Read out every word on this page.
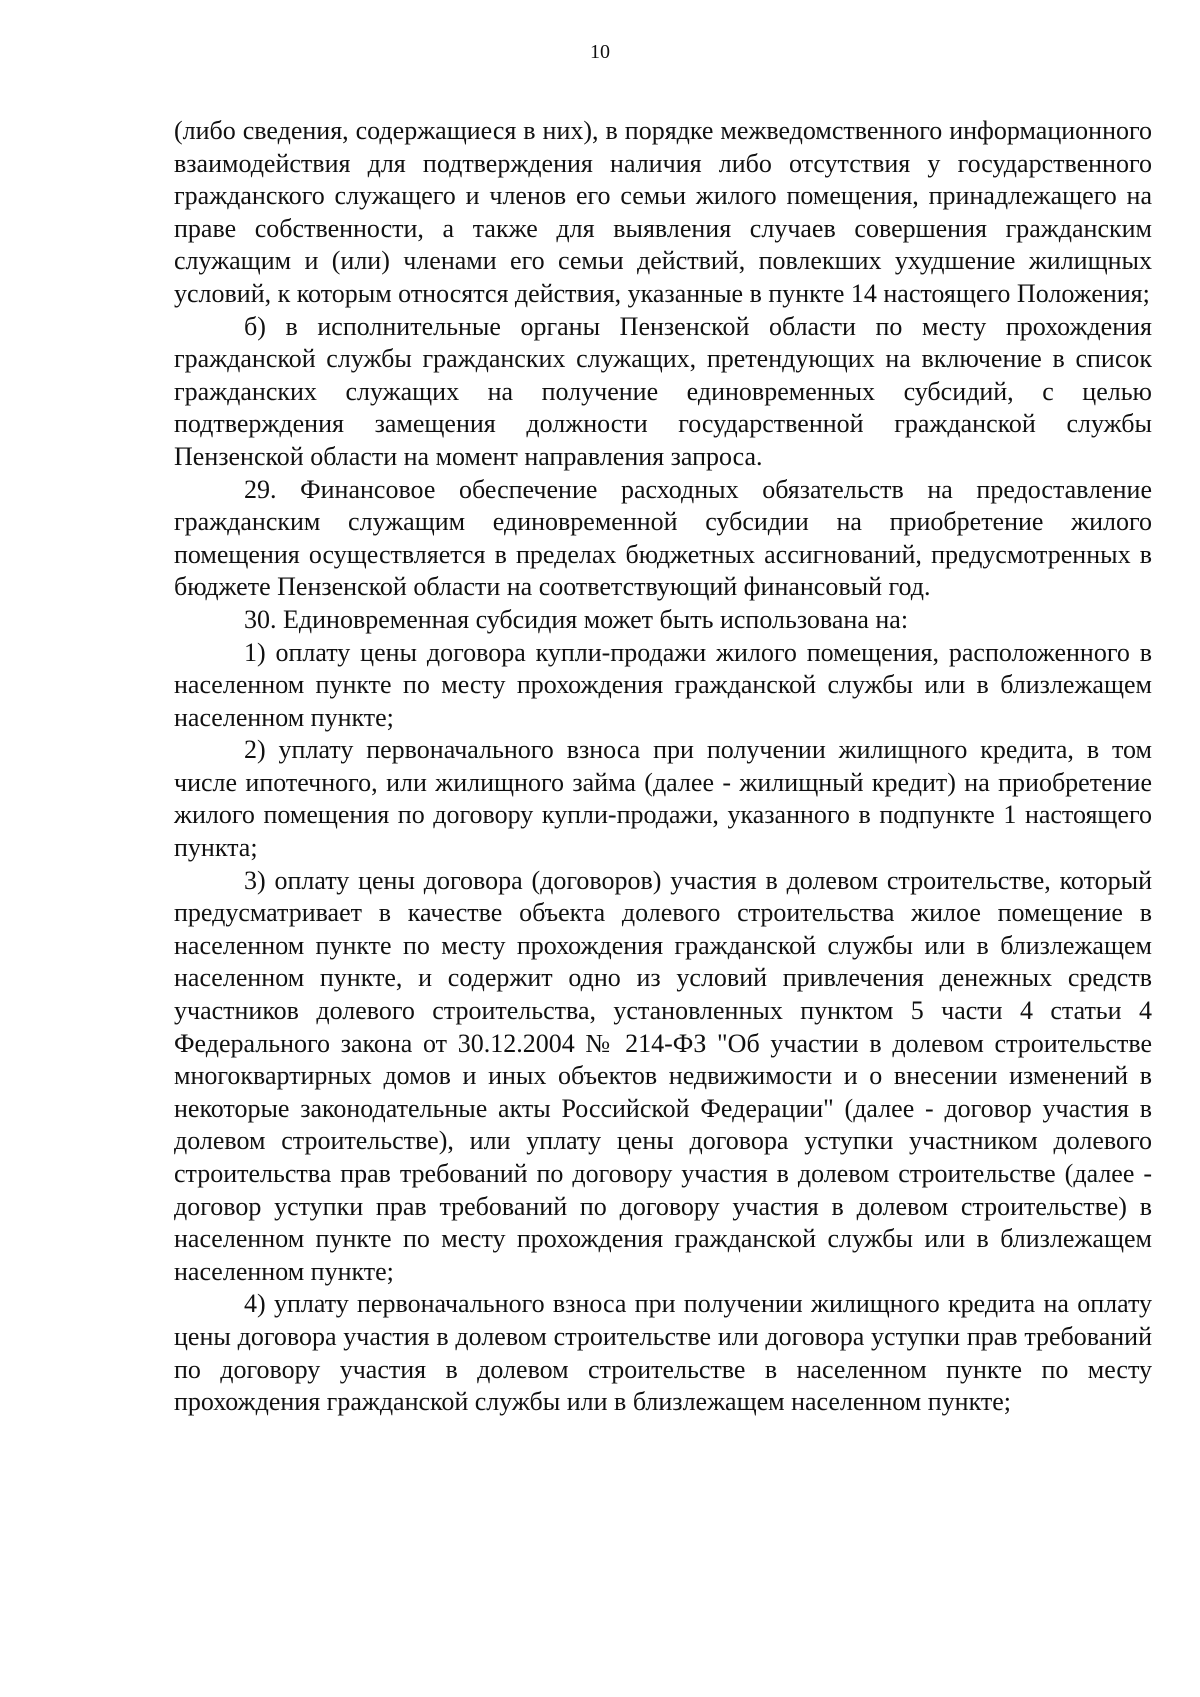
10

(либо сведения, содержащиеся в них), в порядке межведомственного информационного взаимодействия для подтверждения наличия либо отсутствия у государственного гражданского служащего и членов его семьи жилого помещения, принадлежащего на праве собственности, а также для выявления случаев совершения гражданским служащим и (или) членами его семьи действий, повлекших ухудшение жилищных условий, к которым относятся действия, указанные в пункте 14 настоящего Положения;

б) в исполнительные органы Пензенской области по месту прохождения гражданской службы гражданских служащих, претендующих на включение в список гражданских служащих на получение единовременных субсидий, с целью подтверждения замещения должности государственной гражданской службы Пензенской области на момент направления запроса.

29. Финансовое обеспечение расходных обязательств на предоставление гражданским служащим единовременной субсидии на приобретение жилого помещения осуществляется в пределах бюджетных ассигнований, предусмотренных в бюджете Пензенской области на соответствующий финансовый год.

30. Единовременная субсидия может быть использована на:

1) оплату цены договора купли-продажи жилого помещения, расположенного в населенном пункте по месту прохождения гражданской службы или в близлежащем населенном пункте;

2) уплату первоначального взноса при получении жилищного кредита, в том числе ипотечного, или жилищного займа (далее - жилищный кредит) на приобретение жилого помещения по договору купли-продажи, указанного в подпункте 1 настоящего пункта;

3) оплату цены договора (договоров) участия в долевом строительстве, который предусматривает в качестве объекта долевого строительства жилое помещение в населенном пункте по месту прохождения гражданской службы или в близлежащем населенном пункте, и содержит одно из условий привлечения денежных средств участников долевого строительства, установленных пунктом 5 части 4 статьи 4 Федерального закона от 30.12.2004 № 214-ФЗ "Об участии в долевом строительстве многоквартирных домов и иных объектов недвижимости и о внесении изменений в некоторые законодательные акты Российской Федерации" (далее - договор участия в долевом строительстве), или уплату цены договора уступки участником долевого строительства прав требований по договору участия в долевом строительстве (далее - договор уступки прав требований по договору участия в долевом строительстве) в населенном пункте по месту прохождения гражданской службы или в близлежащем населенном пункте;

4) уплату первоначального взноса при получении жилищного кредита на оплату цены договора участия в долевом строительстве или договора уступки прав требований по договору участия в долевом строительстве в населенном пункте по месту прохождения гражданской службы или в близлежащем населенном пункте;
